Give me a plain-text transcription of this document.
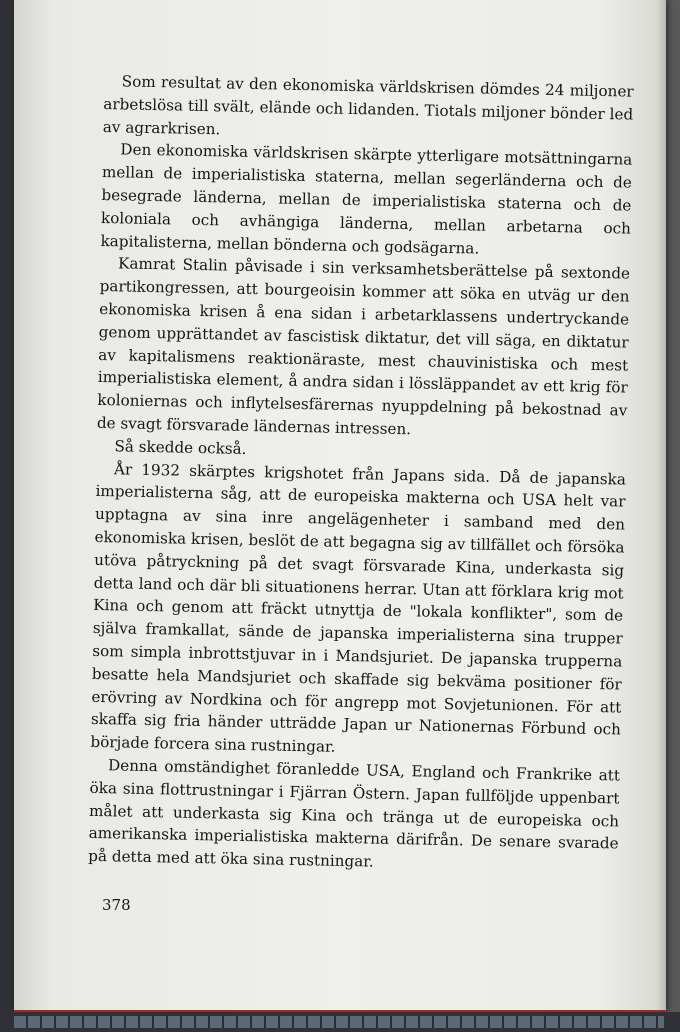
Som resultat av den ekonomiska världskrisen dömdes 24 miljoner arbetslösa till svält, elände och lidanden. Tiotals miljoner bönder led av agrarkrisen.

Den ekonomiska världskrisen skärpte ytterligare motsättningarna mellan de imperialistiska staterna, mellan segerländerna och de besegrade länderna, mellan de imperialistiska staterna och de koloniala och avhängiga länderna, mellan arbetarna och kapitalisterna, mellan bönderna och godsägarna.

Kamrat Stalin påvisade i sin verksamhetsberättelse på sextonde partikongressen, att bourgeoisin kommer att söka en utväg ur den ekonomiska krisen å ena sidan i arbetarklassens undertryckande genom upprättandet av fascistisk diktatur, det vill säga, en diktatur av kapitalismens reaktionäraste, mest chauvinistiska och mest imperialistiska element, å andra sidan i lössläppandet av ett krig för koloniernas och inflytelsesfärernas nyuppdelning på bekostnad av de svagt försvarade ländernas intressen.

Så skedde också.

År 1932 skärptes krigshotet från Japans sida. Då de japanska imperialisterna såg, att de europeiska makterna och USA helt var upptagna av sina inre angelägenheter i samband med den ekonomiska krisen, beslöt de att begagna sig av tillfället och försöka utöva påtryckning på det svagt försvarade Kina, underkasta sig detta land och där bli situationens herrar. Utan att förklara krig mot Kina och genom att fräckt utnyttja de "lokala konflikter", som de själva framkallat, sände de japanska imperialisterna sina trupper som simpla inbrottstjuvar in i Mandsjuriet. De japanska trupperna besatte hela Mandsjuriet och skaffade sig bekväma positioner för erövring av Nordkina och för angrepp mot Sovjetunionen. För att skaffa sig fria händer utträdde Japan ur Nationernas Förbund och började forcera sina rustningar.

Denna omständighet föranledde USA, England och Frankrike att öka sina flottrustningar i Fjärran Östern. Japan fullföljde uppenbart målet att underkasta sig Kina och tränga ut de europeiska och amerikanska imperialistiska makterna därifrån. De senare svarade på detta med att öka sina rustningar.

378
